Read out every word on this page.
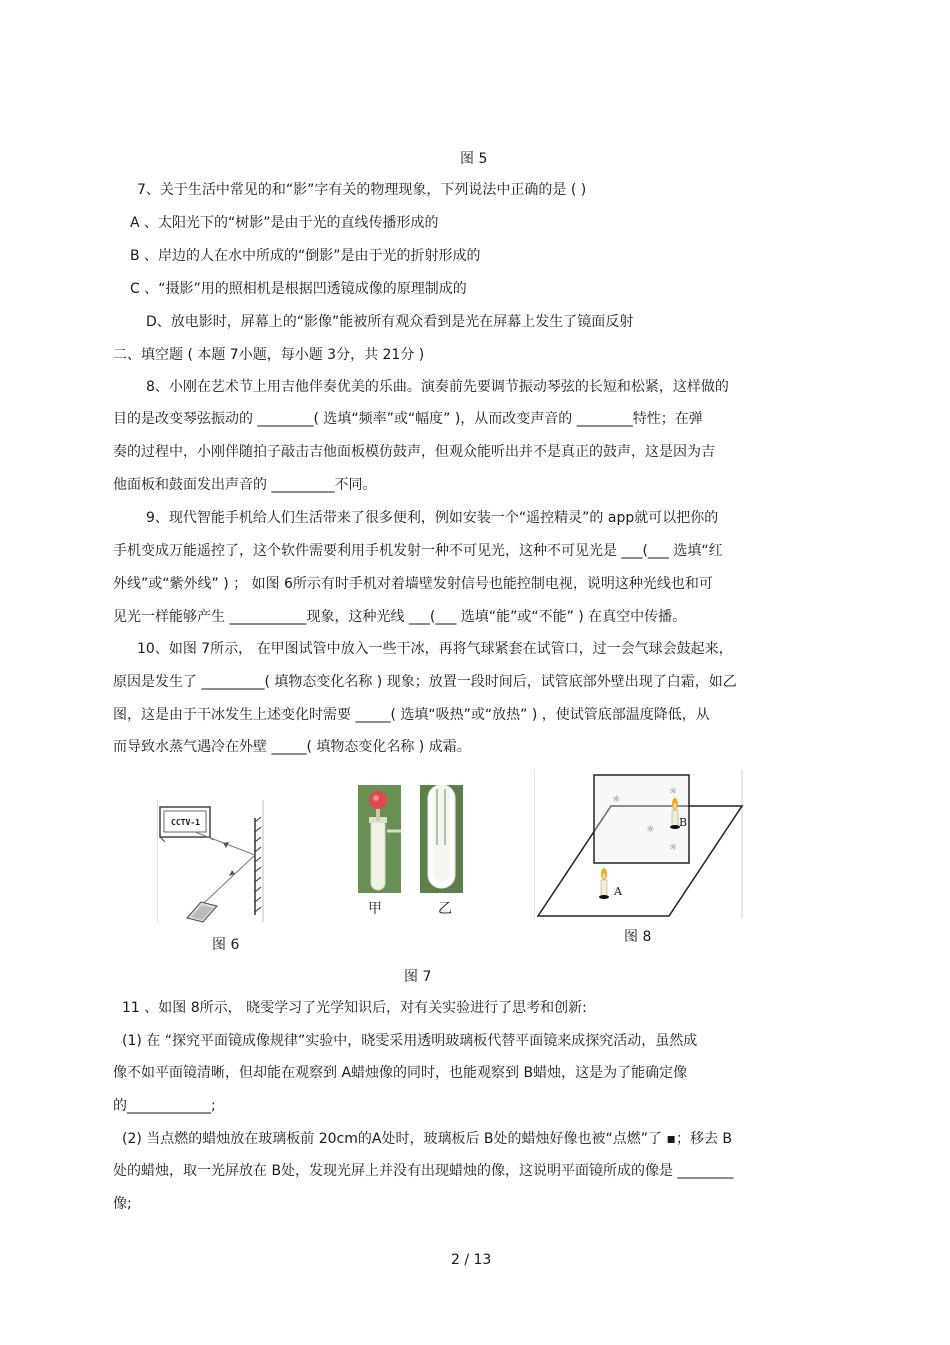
图 5
7、关于生活中常见的和“影”字有关的物理现象，下列说法中正确的是 ( )
A 、太阳光下的“树影”是由于光的直线传播形成的
B 、岸边的人在水中所成的“倒影”是由于光的折射形成的
C 、“摄影”用的照相机是根据凹透镜成像的原理制成的
D、放电影时，屏幕上的“影像”能被所有观众看到是光在屏幕上发生了镜面反射
二、填空题 ( 本题 7小题，每小题 3分，共 21分 )
8、小刚在艺术节上用吉他伴奏优美的乐曲。演奏前先要调节振动琴弦的长短和松紧，这样做的
目的是改变琴弦振动的 ________( 选填“频率”或“幅度” )，从而改变声音的 ________特性；在弹
奏的过程中，小刚伴随拍子敲击吉他面板模仿鼓声，但观众能听出并不是真正的鼓声，这是因为吉
他面板和鼓面发出声音的 _________不同。
9、现代智能手机给人们生活带来了很多便利，例如安装一个“遥控精灵”的 app就可以把你的
手机变成万能遥控了，这个软件需要利用手机发射一种不可见光，这种不可见光是 ___(___ 选填“红
外线”或“紫外线” ) ； 如图 6所示有时手机对着墙壁发射信号也能控制电视，说明这种光线也和可
见光一样能够产生 ___________现象，这种光线 ___(___ 选填“能”或“不能” ) 在真空中传播。
10、如图 7所示， 在甲图试管中放入一些干冰，再将气球紧套在试管口，过一会气球会鼓起来，
原因是发生了 _________( 填物态变化名称 ) 现象；放置一段时间后，试管底部外壁出现了白霜，如乙
图，这是由于干冰发生上述变化时需要 _____( 选填“吸热”或“放热” ) ，使试管底部温度降低，从
而导致水蒸气遇冷在外壁 _____( 填物态变化名称 ) 成霜。
CCTV-1
图 6
甲	乙
图 7
☼
☼
☼
☼
A
B
图 8
11 、如图 8所示， 晓雯学习了光学知识后，对有关实验进行了思考和创新:
(1) 在 “探究平面镜成像规律”实验中，晓雯采用透明玻璃板代替平面镜来成探究活动，虽然成
像不如平面镜清晰，但却能在观察到 A蜡烛像的同时，也能观察到 B蜡烛，这是为了能确定像
的____________;
(2) 当点燃的蜡烛放在玻璃板前 20cm的A处时，玻璃板后 B处的蜡烛好像也被“点燃”了 ▪；移去 B
处的蜡烛，取一光屏放在 B处，发现光屏上并没有出现蜡烛的像，这说明平面镜所成的像是 ________
像;
2 / 13
